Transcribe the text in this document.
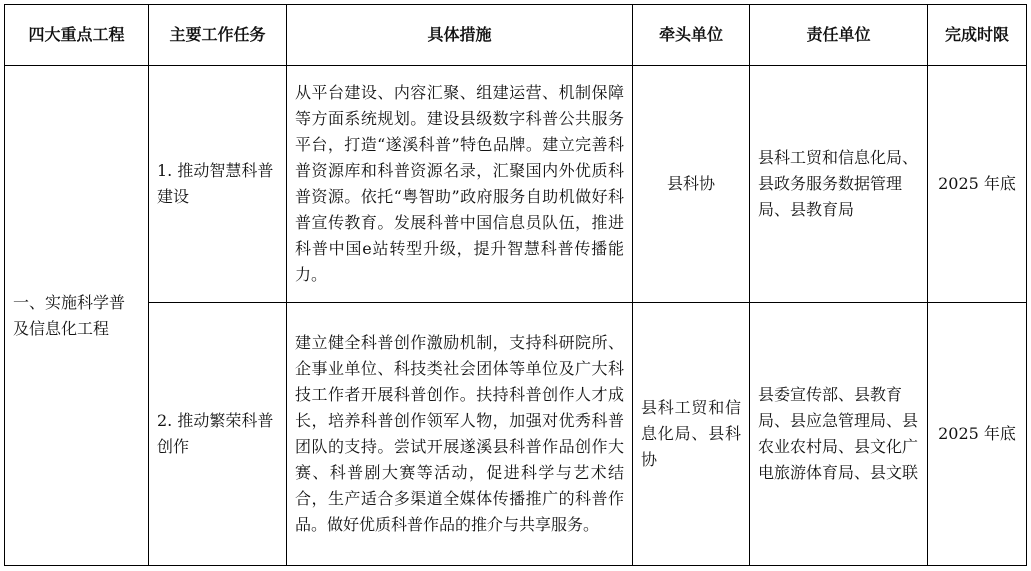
四大重点工程	主要工作任务	具体措施	牵头单位	责任单位	完成时限
一、实施科学普及信息化工程	1. 推动智慧科普建设	从平台建设、内容汇聚、组建运营、机制保障等方面系统规划。建设县级数字科普公共服务平台，打造“遂溪科普”特色品牌。建立完善科普资源库和科普资源名录，汇聚国内外优质科普资源。依托“粤智助”政府服务自助机做好科普宣传教育。发展科普中国信息员队伍，推进科普中国e站转型升级，提升智慧科普传播能力。	县科协	县科工贸和信息化局、县政务服务数据管理局、县教育局	2025 年底
	2. 推动繁荣科普创作	建立健全科普创作激励机制，支持科研院所、企事业单位、科技类社会团体等单位及广大科技工作者开展科普创作。扶持科普创作人才成长，培养科普创作领军人物，加强对优秀科普团队的支持。尝试开展遂溪县科普作品创作大赛、科普剧大赛等活动，促进科学与艺术结合，生产适合多渠道全媒体传播推广的科普作品。做好优质科普作品的推介与共享服务。	县科工贸和信息化局、县科协	县委宣传部、县教育局、县应急管理局、县农业农村局、县文化广电旅游体育局、县文联	2025 年底
